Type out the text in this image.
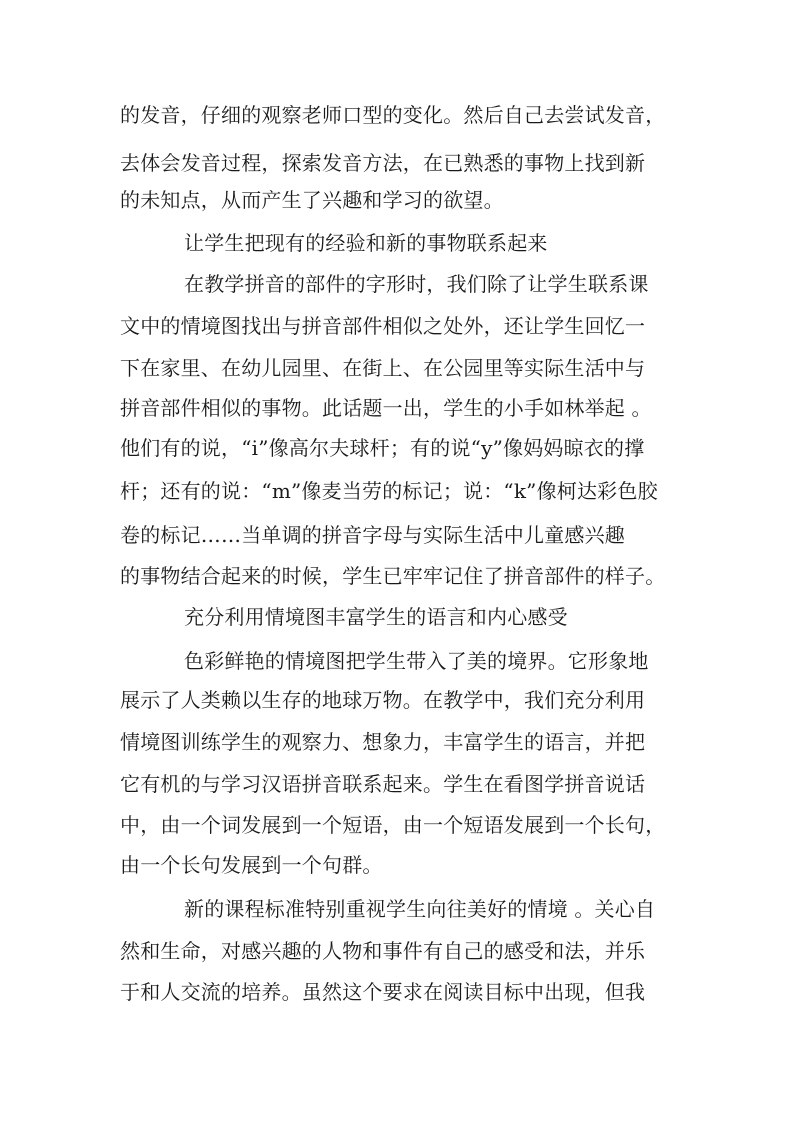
的发音，仔细的观察老师口型的变化。然后自己去尝试发音，
去体会发音过程，探索发音方法，在已熟悉的事物上找到新
的未知点，从而产生了兴趣和学习的欲望。
让学生把现有的经验和新的事物联系起来
在教学拼音的部件的字形时，我们除了让学生联系课
文中的情境图找出与拼音部件相似之处外，还让学生回忆一
下在家里、在幼儿园里、在街上、在公园里等实际生活中与
拼音部件相似的事物。此话题一出，学生的小手如林举起 。
他们有的说，“i”像高尔夫球杆；有的说“y”像妈妈晾衣的撑
杆；还有的说：“m”像麦当劳的标记；说：“k”像柯达彩色胶
卷的标记……当单调的拼音字母与实际生活中儿童感兴趣
的事物结合起来的时候，学生已牢牢记住了拼音部件的样子。
充分利用情境图丰富学生的语言和内心感受
色彩鲜艳的情境图把学生带入了美的境界。它形象地
展示了人类赖以生存的地球万物。在教学中，我们充分利用
情境图训练学生的观察力、想象力，丰富学生的语言，并把
它有机的与学习汉语拼音联系起来。学生在看图学拼音说话
中，由一个词发展到一个短语，由一个短语发展到一个长句，
由一个长句发展到一个句群。
新的课程标准特别重视学生向往美好的情境 。关心自
然和生命，对感兴趣的人物和事件有自己的感受和法，并乐
于和人交流的培养。虽然这个要求在阅读目标中出现，但我
